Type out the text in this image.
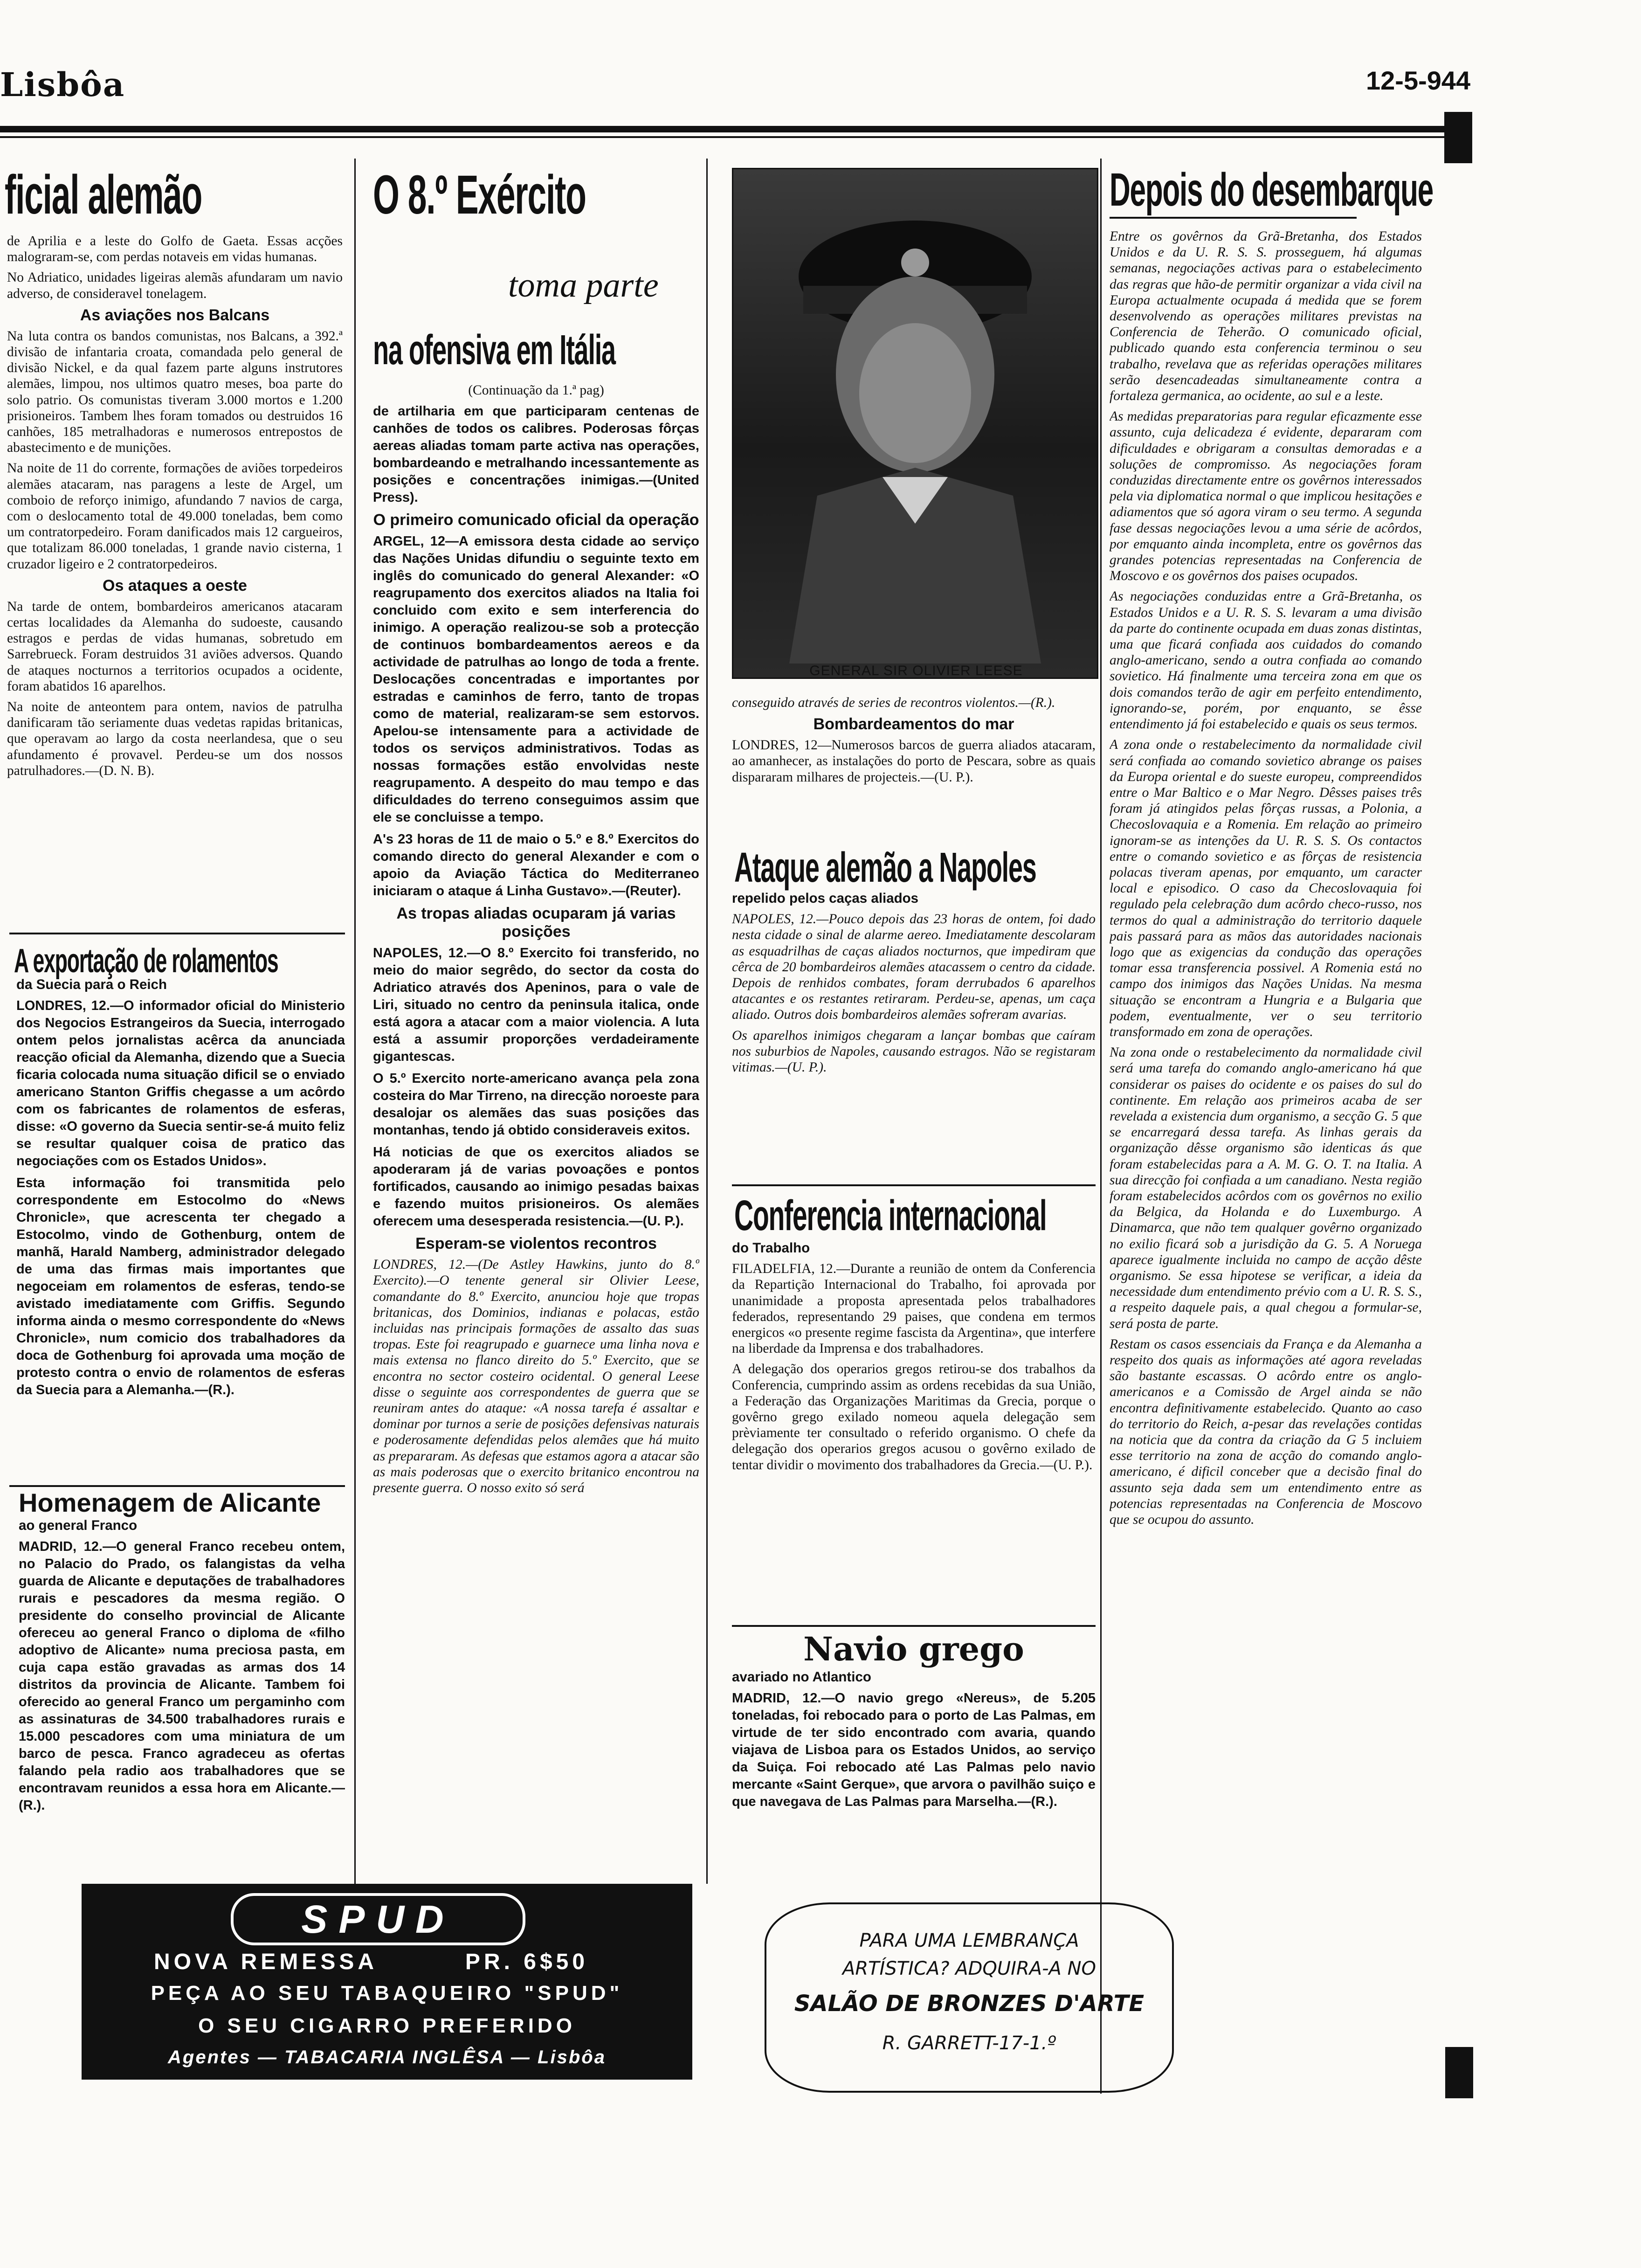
Lisbôa	12-5-944
ficial alemão

de Aprilia e a leste do Golfo de Gaeta. Essas acções malograram-se, com perdas notaveis em vidas humanas.

No Adriatico, unidades ligeiras alemãs afundaram um navio adverso, de consideravel tonelagem.

As aviações nos Balcans

Na luta contra os bandos comunistas, nos Balcans, a 392.ª divisão de infantaria croata, comandada pelo general de divisão Nickel, e da qual fazem parte alguns instrutores alemães, limpou, nos ultimos quatro meses, boa parte do solo patrio. Os comunistas tiveram 3.000 mortos e 1.200 prisioneiros. Tambem lhes foram tomados ou destruidos 16 canhões, 185 metralhadoras e numerosos entrepostos de abastecimento e de munições.

Na noite de 11 do corrente, formações de aviões torpedeiros alemães atacaram, nas paragens a leste de Argel, um comboio de reforço inimigo, afundando 7 navios de carga, com o deslocamento total de 49.000 toneladas, bem como um contratorpedeiro. Foram danificados mais 12 cargueiros, que totalizam 86.000 toneladas, 1 grande navio cisterna, 1 cruzador ligeiro e 2 contratorpedeiros.

Os ataques a oeste

Na tarde de ontem, bombardeiros americanos atacaram certas localidades da Alemanha do sudoeste, causando estragos e perdas de vidas humanas, sobretudo em Sarrebrueck. Foram destruidos 31 aviões adversos. Quando de ataques nocturnos a territorios ocupados a ocidente, foram abatidos 16 aparelhos.

Na noite de anteontem para ontem, navios de patrulha danificaram tão seriamente duas vedetas rapidas britanicas, que operavam ao largo da costa neerlandesa, que o seu afundamento é provavel. Perdeu-se um dos nossos patrulhadores.—(D. N. B).

A exportação de rolamentos

da Suecia para o Reich

LONDRES, 12.—O informador oficial do Ministerio dos Negocios Estrangeiros da Suecia, interrogado ontem pelos jornalistas acêrca da anunciada reacção oficial da Alemanha, dizendo que a Suecia ficaria colocada numa situação dificil se o enviado americano Stanton Griffis chegasse a um acôrdo com os fabricantes de rolamentos de esferas, disse: «O governo da Suecia sentir-se-á muito feliz se resultar qualquer coisa de pratico das negociações com os Estados Unidos».

Esta informação foi transmitida pelo correspondente em Estocolmo do «News Chronicle», que acrescenta ter chegado a Estocolmo, vindo de Gothenburg, ontem de manhã, Harald Namberg, administrador delegado de uma das firmas mais importantes que negoceiam em rolamentos de esferas, tendo-se avistado imediatamente com Griffis. Segundo informa ainda o mesmo correspondente do «News Chronicle», num comicio dos trabalhadores da doca de Gothenburg foi aprovada uma moção de protesto contra o envio de rolamentos de esferas da Suecia para a Alemanha.—(R.).

Homenagem de Alicante

ao general Franco

MADRID, 12.—O general Franco recebeu ontem, no Palacio do Prado, os falangistas da velha guarda de Alicante e deputações de trabalhadores rurais e pescadores da mesma região. O presidente do conselho provincial de Alicante ofereceu ao general Franco o diploma de «filho adoptivo de Alicante» numa preciosa pasta, em cuja capa estão gravadas as armas dos 14 distritos da provincia de Alicante. Tambem foi oferecido ao general Franco um pergaminho com as assinaturas de 34.500 trabalhadores rurais e 15.000 pescadores com uma miniatura de um barco de pesca. Franco agradeceu as ofertas falando pela radio aos trabalhadores que se encontravam reunidos a essa hora em Alicante.—(R.).

O 8.º Exército
toma parte
na ofensiva em Itália

(Continuação da 1.ª pag)

de artilharia em que participaram centenas de canhões de todos os calibres. Poderosas fôrças aereas aliadas tomam parte activa nas operações, bombardeando e metralhando incessantemente as posições e concentrações inimigas.—(United Press).

O primeiro comunicado oficial da operação

ARGEL, 12—A emissora desta cidade ao serviço das Nações Unidas difundiu o seguinte texto em inglês do comunicado do general Alexander: «O reagrupamento dos exercitos aliados na Italia foi concluido com exito e sem interferencia do inimigo. A operação realizou-se sob a protecção de continuos bombardeamentos aereos e da actividade de patrulhas ao longo de toda a frente. Deslocações concentradas e importantes por estradas e caminhos de ferro, tanto de tropas como de material, realizaram-se sem estorvos. Apelou-se intensamente para a actividade de todos os serviços administrativos. Todas as nossas formações estão envolvidas neste reagrupamento. A despeito do mau tempo e das dificuldades do terreno conseguimos assim que ele se concluisse a tempo.

A's 23 horas de 11 de maio o 5.º e 8.º Exercitos do comando directo do general Alexander e com o apoio da Aviação Táctica do Mediterraneo iniciaram o ataque á Linha Gustavo».—(Reuter).

As tropas aliadas ocuparam já varias posições

NAPOLES, 12.—O 8.º Exercito foi transferido, no meio do maior segrêdo, do sector da costa do Adriatico através dos Apeninos, para o vale de Liri, situado no centro da peninsula italica, onde está agora a atacar com a maior violencia. A luta está a assumir proporções verdadeiramente gigantescas.

O 5.º Exercito norte-americano avança pela zona costeira do Mar Tirreno, na direcção noroeste para desalojar os alemães das suas posições das montanhas, tendo já obtido consideraveis exitos.

Há noticias de que os exercitos aliados se apoderaram já de varias povoações e pontos fortificados, causando ao inimigo pesadas baixas e fazendo muitos prisioneiros. Os alemães oferecem uma desesperada resistencia.—(U. P.).

Esperam-se violentos recontros

LONDRES, 12.—(De Astley Hawkins, junto do 8.º Exercito).—O tenente general sir Olivier Leese, comandante do 8.º Exercito, anunciou hoje que tropas britanicas, dos Dominios, indianas e polacas, estão incluidas nas principais formações de assalto das suas tropas. Este foi reagrupado e guarnece uma linha nova e mais extensa no flanco direito do 5.º Exercito, que se encontra no sector costeiro ocidental. O general Leese disse o seguinte aos correspondentes de guerra que se reuniram antes do ataque: «A nossa tarefa é assaltar e dominar por turnos a serie de posições defensivas naturais e poderosamente defendidas pelos alemães que há muito as prepararam. As defesas que estamos agora a atacar são as mais poderosas que o exercito britanico encontrou na presente guerra. O nosso exito só será

GENERAL SIR OLIVIER LEESE

conseguido através de series de recontros violentos.—(R.).

Bombardeamentos do mar

LONDRES, 12—Numerosos barcos de guerra aliados atacaram, ao amanhecer, as instalações do porto de Pescara, sobre as quais dispararam milhares de projecteis.—(U. P.).

Ataque alemão a Napoles

repelido pelos caças aliados

NAPOLES, 12.—Pouco depois das 23 horas de ontem, foi dado nesta cidade o sinal de alarme aereo. Imediatamente descolaram as esquadrilhas de caças aliados nocturnos, que impediram que cêrca de 20 bombardeiros alemães atacassem o centro da cidade. Depois de renhidos combates, foram derrubados 6 aparelhos atacantes e os restantes retiraram. Perdeu-se, apenas, um caça aliado. Outros dois bombardeiros alemães sofreram avarias.

Os aparelhos inimigos chegaram a lançar bombas que caíram nos suburbios de Napoles, causando estragos. Não se registaram vitimas.—(U. P.).

Conferencia internacional

do Trabalho

FILADELFIA, 12.—Durante a reunião de ontem da Conferencia da Repartição Internacional do Trabalho, foi aprovada por unanimidade a proposta apresentada pelos trabalhadores federados, representando 29 paises, que condena em termos energicos «o presente regime fascista da Argentina», que interfere na liberdade da Imprensa e dos trabalhadores.

A delegação dos operarios gregos retirou-se dos trabalhos da Conferencia, cumprindo assim as ordens recebidas da sua União, a Federação das Organizações Maritimas da Grecia, porque o govêrno grego exilado nomeou aquela delegação sem prèviamente ter consultado o referido organismo. O chefe da delegação dos operarios gregos acusou o govêrno exilado de tentar dividir o movimento dos trabalhadores da Grecia.—(U. P.).

Navio grego

avariado no Atlantico

MADRID, 12.—O navio grego «Nereus», de 5.205 toneladas, foi rebocado para o porto de Las Palmas, em virtude de ter sido encontrado com avaria, quando viajava de Lisboa para os Estados Unidos, ao serviço da Suiça. Foi rebocado até Las Palmas pelo navio mercante «Saint Gerque», que arvora o pavilhão suiço e que navegava de Las Palmas para Marselha.—(R.).

Depois do desembarque

Entre os govêrnos da Grã-Bretanha, dos Estados Unidos e da U. R. S. S. prosseguem, há algumas semanas, negociações activas para o estabelecimento das regras que hão-de permitir organizar a vida civil na Europa actualmente ocupada á medida que se forem desenvolvendo as operações militares previstas na Conferencia de Teherão. O comunicado oficial, publicado quando esta conferencia terminou o seu trabalho, revelava que as referidas operações militares serão desencadeadas simultaneamente contra a fortaleza germanica, ao ocidente, ao sul e a leste.

As medidas preparatorias para regular eficazmente esse assunto, cuja delicadeza é evidente, depararam com dificuldades e obrigaram a consultas demoradas e a soluções de compromisso. As negociações foram conduzidas directamente entre os govêrnos interessados pela via diplomatica normal o que implicou hesitações e adiamentos que só agora viram o seu termo. A segunda fase dessas negociações levou a uma série de acôrdos, por emquanto ainda incompleta, entre os govêrnos das grandes potencias representadas na Conferencia de Moscovo e os govêrnos dos paises ocupados.

As negociações conduzidas entre a Grã-Bretanha, os Estados Unidos e a U. R. S. S. levaram a uma divisão da parte do continente ocupada em duas zonas distintas, uma que ficará confiada aos cuidados do comando anglo-americano, sendo a outra confiada ao comando sovietico. Há finalmente uma terceira zona em que os dois comandos terão de agir em perfeito entendimento, ignorando-se, porém, por enquanto, se êsse entendimento já foi estabelecido e quais os seus termos.

A zona onde o restabelecimento da normalidade civil será confiada ao comando sovietico abrange os paises da Europa oriental e do sueste europeu, compreendidos entre o Mar Baltico e o Mar Negro. Dêsses paises três foram já atingidos pelas fôrças russas, a Polonia, a Checoslovaquia e a Romenia. Em relação ao primeiro ignoram-se as intenções da U. R. S. S. Os contactos entre o comando sovietico e as fôrças de resistencia polacas tiveram apenas, por emquanto, um caracter local e episodico. O caso da Checoslovaquia foi regulado pela celebração dum acôrdo checo-russo, nos termos do qual a administração do territorio daquele pais passará para as mãos das autoridades nacionais logo que as exigencias da condução das operações tomar essa transferencia possivel. A Romenia está no campo dos inimigos das Nações Unidas. Na mesma situação se encontram a Hungria e a Bulgaria que podem, eventualmente, ver o seu territorio transformado em zona de operações.

Na zona onde o restabelecimento da normalidade civil será uma tarefa do comando anglo-americano há que considerar os paises do ocidente e os paises do sul do continente. Em relação aos primeiros acaba de ser revelada a existencia dum organismo, a secção G. 5 que se encarregará dessa tarefa. As linhas gerais da organização dêsse organismo são identicas ás que foram estabelecidas para a A. M. G. O. T. na Italia. A sua direcção foi confiada a um canadiano. Nesta região foram estabelecidos acôrdos com os govêrnos no exilio da Belgica, da Holanda e do Luxemburgo. A Dinamarca, que não tem qualquer govêrno organizado no exilio ficará sob a jurisdição da G. 5. A Noruega aparece igualmente incluida no campo de acção dêste organismo. Se essa hipotese se verificar, a ideia da necessidade dum entendimento prévio com a U. R. S. S., a respeito daquele pais, a qual chegou a formular-se, será posta de parte.

Restam os casos essenciais da França e da Alemanha a respeito dos quais as informações até agora reveladas são bastante escassas. O acôrdo entre os anglo-americanos e a Comissão de Argel ainda se não encontra definitivamente estabelecido. Quanto ao caso do territorio do Reich, a-pesar das revelações contidas na noticia que da contra da criação da G 5 incluiem esse territorio na zona de acção do comando anglo-americano, é dificil conceber que a decisão final do assunto seja dada sem um entendimento entre as potencias representadas na Conferencia de Moscovo que se ocupou do assunto.

SPUD
NOVA REMESSA	PR. 6$50
PEÇA AO SEU TABAQUEIRO "SPUD"
O SEU CIGARRO PREFERIDO
Agentes — TABACARIA INGLÊSA — Lisbôa
PARA UMA LEMBRANÇA
ARTÍSTICA? ADQUIRA-A NO
SALÃO DE BRONZES D'ARTE
R. GARRETT-17-1.º
